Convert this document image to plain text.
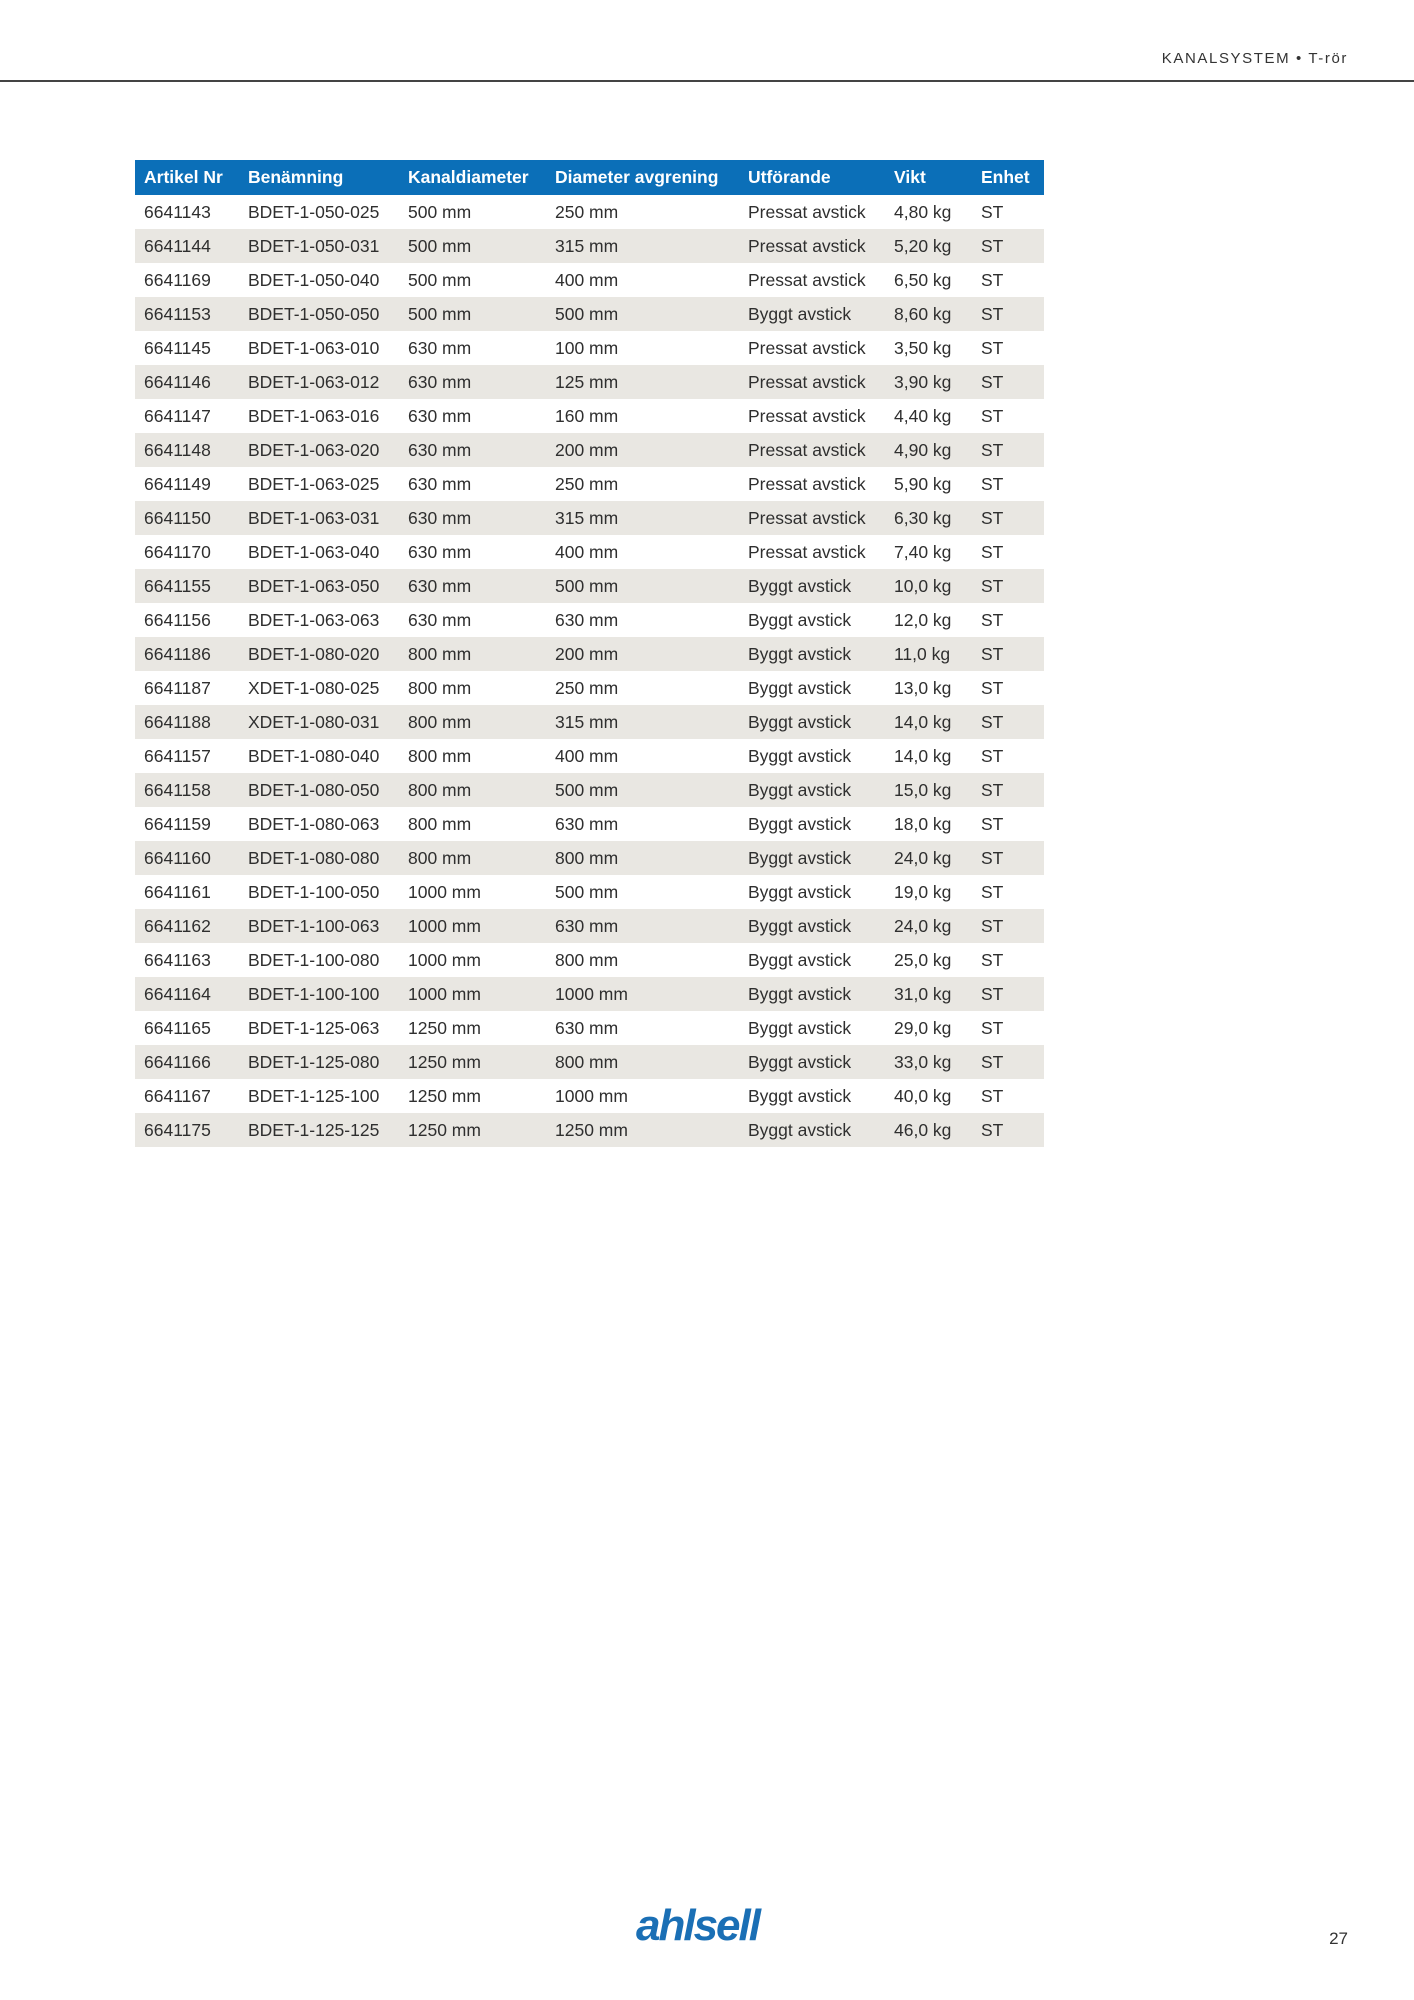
KANALSYSTEM • T-rör
Artikel Nr	Benämning	Kanaldiameter	Diameter avgrening	Utförande	Vikt	Enhet
6641143	BDET-1-050-025	500 mm	250 mm	Pressat avstick	4,80 kg	ST
6641144	BDET-1-050-031	500 mm	315 mm	Pressat avstick	5,20 kg	ST
6641169	BDET-1-050-040	500 mm	400 mm	Pressat avstick	6,50 kg	ST
6641153	BDET-1-050-050	500 mm	500 mm	Byggt avstick	8,60 kg	ST
6641145	BDET-1-063-010	630 mm	100 mm	Pressat avstick	3,50 kg	ST
6641146	BDET-1-063-012	630 mm	125 mm	Pressat avstick	3,90 kg	ST
6641147	BDET-1-063-016	630 mm	160 mm	Pressat avstick	4,40 kg	ST
6641148	BDET-1-063-020	630 mm	200 mm	Pressat avstick	4,90 kg	ST
6641149	BDET-1-063-025	630 mm	250 mm	Pressat avstick	5,90 kg	ST
6641150	BDET-1-063-031	630 mm	315 mm	Pressat avstick	6,30 kg	ST
6641170	BDET-1-063-040	630 mm	400 mm	Pressat avstick	7,40 kg	ST
6641155	BDET-1-063-050	630 mm	500 mm	Byggt avstick	10,0 kg	ST
6641156	BDET-1-063-063	630 mm	630 mm	Byggt avstick	12,0 kg	ST
6641186	BDET-1-080-020	800 mm	200 mm	Byggt avstick	11,0 kg	ST
6641187	XDET-1-080-025	800 mm	250 mm	Byggt avstick	13,0 kg	ST
6641188	XDET-1-080-031	800 mm	315 mm	Byggt avstick	14,0 kg	ST
6641157	BDET-1-080-040	800 mm	400 mm	Byggt avstick	14,0 kg	ST
6641158	BDET-1-080-050	800 mm	500 mm	Byggt avstick	15,0 kg	ST
6641159	BDET-1-080-063	800 mm	630 mm	Byggt avstick	18,0 kg	ST
6641160	BDET-1-080-080	800 mm	800 mm	Byggt avstick	24,0 kg	ST
6641161	BDET-1-100-050	1000 mm	500 mm	Byggt avstick	19,0 kg	ST
6641162	BDET-1-100-063	1000 mm	630 mm	Byggt avstick	24,0 kg	ST
6641163	BDET-1-100-080	1000 mm	800 mm	Byggt avstick	25,0 kg	ST
6641164	BDET-1-100-100	1000 mm	1000 mm	Byggt avstick	31,0 kg	ST
6641165	BDET-1-125-063	1250 mm	630 mm	Byggt avstick	29,0 kg	ST
6641166	BDET-1-125-080	1250 mm	800 mm	Byggt avstick	33,0 kg	ST
6641167	BDET-1-125-100	1250 mm	1000 mm	Byggt avstick	40,0 kg	ST
6641175	BDET-1-125-125	1250 mm	1250 mm	Byggt avstick	46,0 kg	ST
ahlsell	27
